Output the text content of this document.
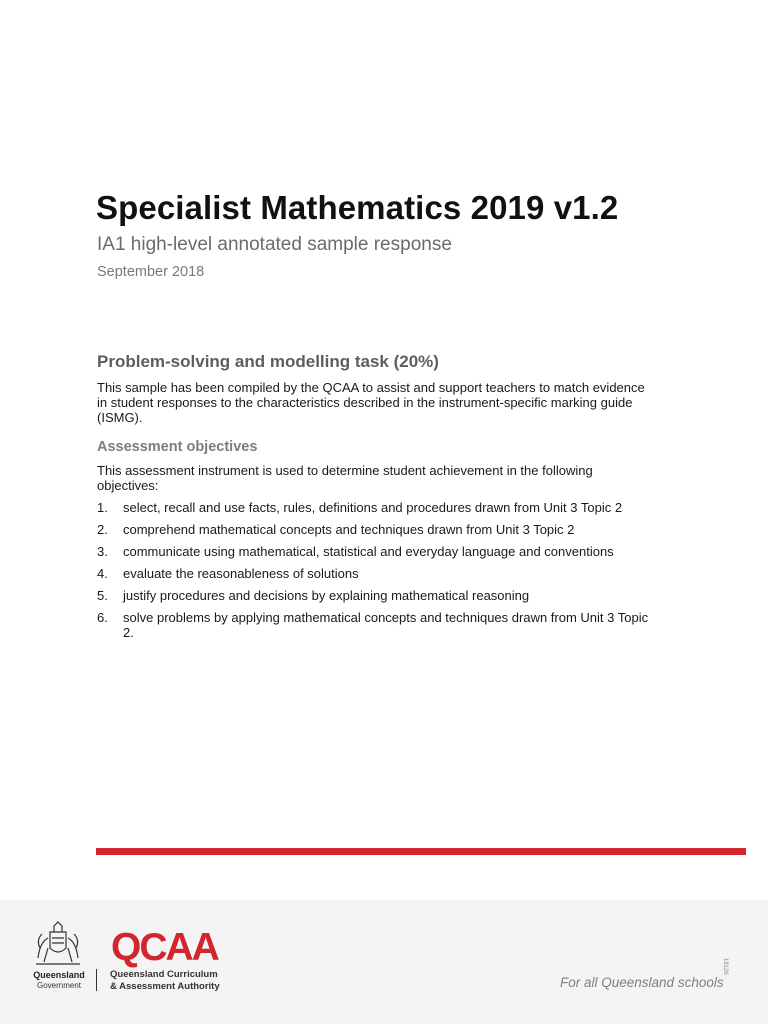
Specialist Mathematics 2019 v1.2

IA1 high-level annotated sample response

September 2018

Problem-solving and modelling task (20%)

This sample has been compiled by the QCAA to assist and support teachers to match evidence in student responses to the characteristics described in the instrument-specific marking guide (ISMG).

Assessment objectives

This assessment instrument is used to determine student achievement in the following objectives:

1.	select, recall and use facts, rules, definitions and procedures drawn from Unit 3 Topic 2
2.	comprehend mathematical concepts and techniques drawn from Unit 3 Topic 2
3.	communicate using mathematical, statistical and everyday language and conventions
4.	evaluate the reasonableness of solutions
5.	justify procedures and decisions by explaining mathematical reasoning
6.	solve problems by applying mathematical concepts and techniques drawn from Unit 3 Topic 2.

Queensland

Government

QCAA

Queensland Curriculum

& Assessment Authority

18126

For all Queensland schools
